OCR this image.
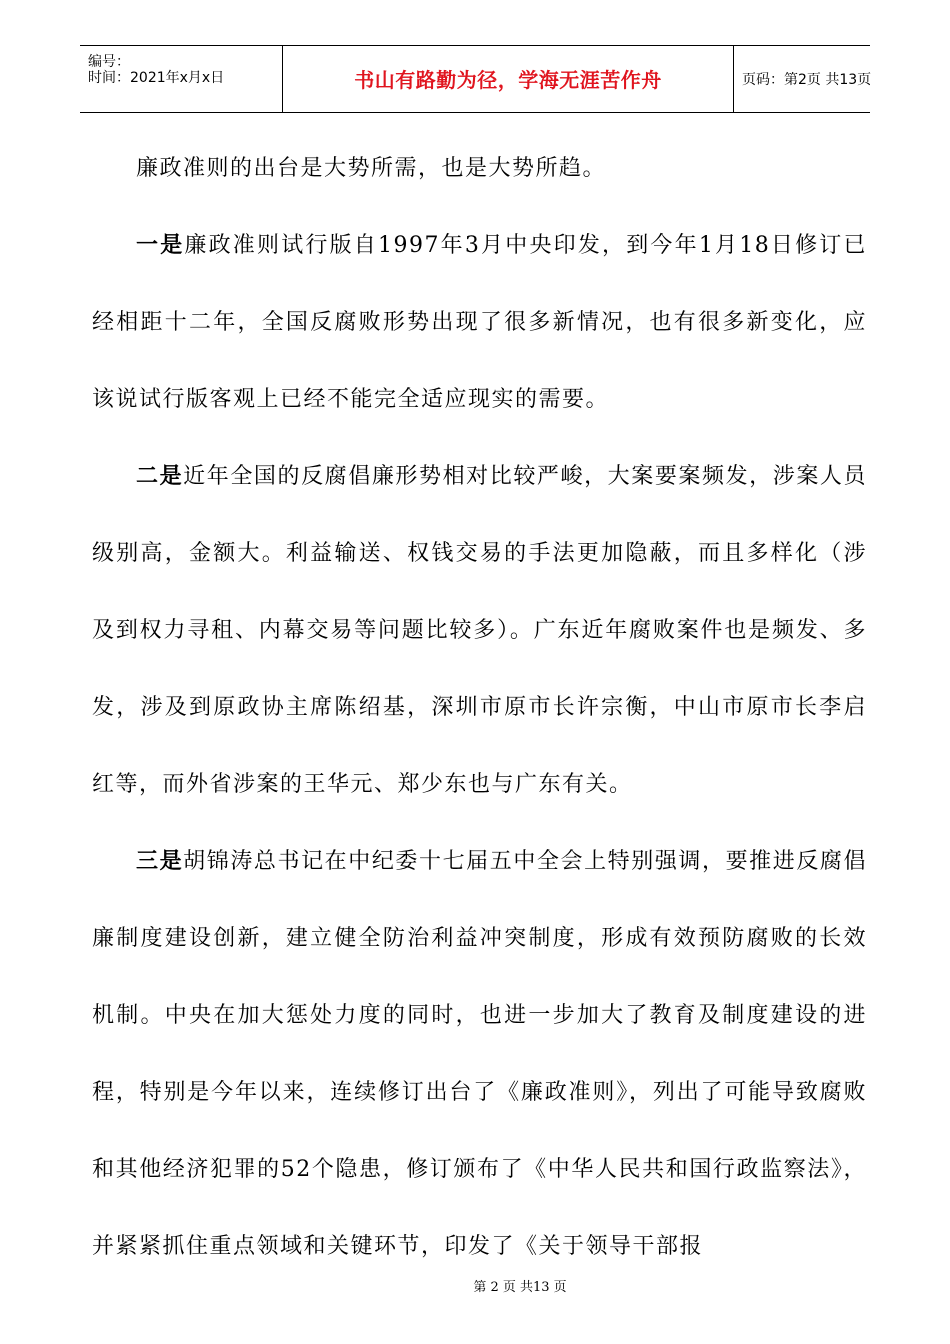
编号：
时间：2021年x月x日	书山有路勤为径，学海无涯苦作舟	页码：第2页 共13页

廉政准则的出台是大势所需，也是大势所趋。

一是廉政准则试行版自1997年3月中央印发，到今年1月18日修订已经相距十二年，全国反腐败形势出现了很多新情况，也有很多新变化，应该说试行版客观上已经不能完全适应现实的需要。

二是近年全国的反腐倡廉形势相对比较严峻，大案要案频发，涉案人员级别高，金额大。利益输送、权钱交易的手法更加隐蔽，而且多样化（涉及到权力寻租、内幕交易等问题比较多）。广东近年腐败案件也是频发、多发，涉及到原政协主席陈绍基，深圳市原市长许宗衡，中山市原市长李启红等，而外省涉案的王华元、郑少东也与广东有关。

三是胡锦涛总书记在中纪委十七届五中全会上特别强调，要推进反腐倡廉制度建设创新，建立健全防治利益冲突制度，形成有效预防腐败的长效机制。中央在加大惩处力度的同时，也进一步加大了教育及制度建设的进程，特别是今年以来，连续修订出台了《廉政准则》，列出了可能导致腐败和其他经济犯罪的52个隐患，修订颁布了《中华人民共和国行政监察法》，并紧紧抓住重点领域和关键环节，印发了《关于领导干部报

第 2 页 共13 页
